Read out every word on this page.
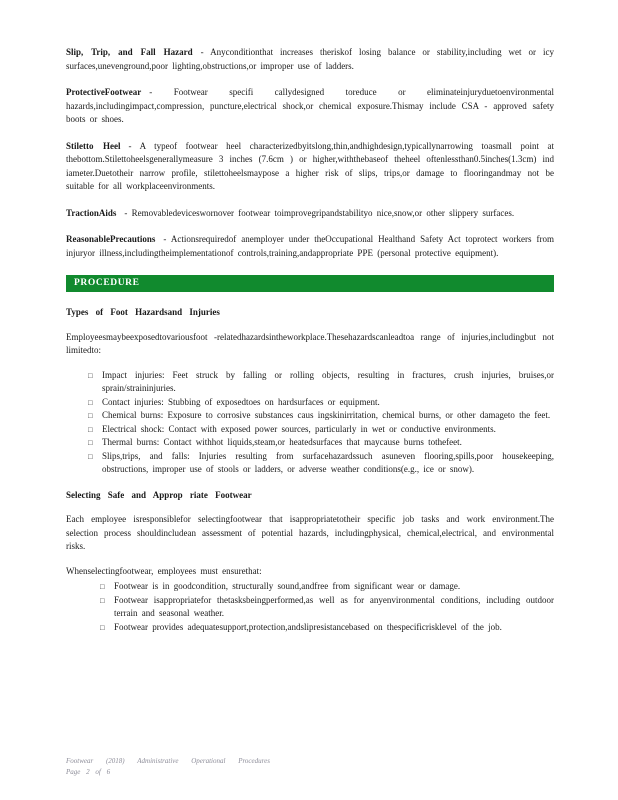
Slip, Trip, and Fall Hazard - Anyconditionthat increases theriskof losing balance or stability,including wet or icy surfaces,unevenground,poor lighting,obstructions,or improper use of ladders.

ProtectiveFootwear - Footwear specifi callydesigned toreduce or eliminateinjuryduetoenvironmental hazards,includingimpact,compression, puncture,electrical shock,or chemical exposure.Thismay include CSA - approved safety boots or shoes.

Stiletto Heel - A typeof footwear heel characterizedbyitslong,thin,andhighdesign,typicallynarrowing toasmall point at thebottom.Stilettoheelsgenerallymeasure 3 inches (7.6cm ) or higher,withthebaseof theheel oftenlessthan0.5inches(1.3cm) ind iameter.Duetotheir narrow profile, stilettoheelsmaypose a higher risk of slips, trips,or damage to flooringandmay not be suitable for all workplaceenvironments.

TractionAids - Removabledeviceswornover footwear toimprovegripandstabilityo nice,snow,or other slippery surfaces.

ReasonablePrecautions - Actionsrequiredof anemployer under theOccupational Healthand Safety Act toprotect workers from injuryor illness,includingtheimplementationof controls,training,andappropriate PPE (personal protective equipment).

PROCEDURE
Types of Foot Hazardsand Injuries

Employeesmaybeexposedtovariousfoot -relatedhazardsintheworkplace.Thesehazardscanleadtoa range of injuries,includingbut not limitedto:

□	Impact injuries: Feet struck by falling or rolling objects, resulting in fractures, crush injuries, bruises,or sprain/straininjuries.
□	Contact injuries: Stubbing of exposedtoes on hardsurfaces or equipment.
□	Chemical burns: Exposure to corrosive substances caus ingskinirritation, chemical burns, or other damageto the feet.
□	Electrical shock: Contact with exposed power sources, particularly in wet or conductive environments.
□	Thermal burns: Contact withhot liquids,steam,or heatedsurfaces that maycause burns tothefeet.
□	Slips,trips, and falls: Injuries resulting from surfacehazardssuch asuneven flooring,spills,poor housekeeping, obstructions, improper use of stools or ladders, or adverse weather conditions(e.g., ice or snow).
Selecting Safe and Approp riate Footwear

Each employee isresponsiblefor selectingfootwear that isappropriatetotheir specific job tasks and work environment.The selection process shouldincludean assessment of potential hazards, includingphysical, chemical,electrical, and environmental risks.

Whenselectingfootwear, employees must ensurethat:

□	Footwear is in goodcondition, structurally sound,andfree from significant wear or damage.
□	Footwear isappropriatefor thetasksbeingperformed,as well as for anyenvironmental conditions, including outdoor terrain and seasonal weather.
□	Footwear provides adequatesupport,protection,andslipresistancebased on thespecificrisklevel of the job.
Footwear (2018) Administrative Operational Procedures
Page 2 of 6
